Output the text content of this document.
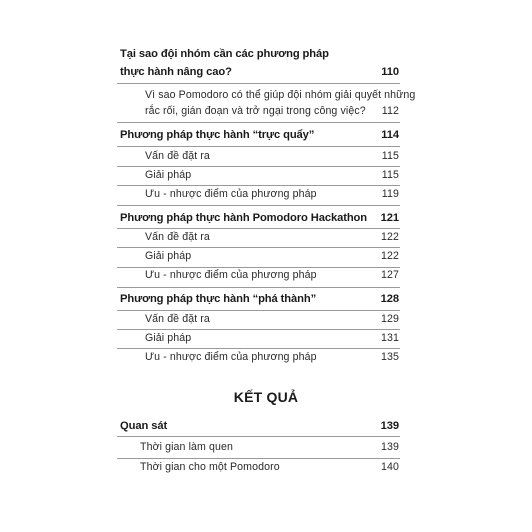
Tại sao đội nhóm cần các phương pháp
thực hành nâng cao?	110
Vì sao Pomodoro có thể giúp đội nhóm giải quyết những
rắc rối, gián đoạn và trở ngại trong công việc? 112
Phương pháp thực hành “trực quẩy”	114
Vấn đề đặt ra	115
Giải pháp	115
Ưu - nhược điểm của phương pháp	119
Phương pháp thực hành Pomodoro Hackathon 121
Vấn đề đặt ra	122
Giải pháp	122
Ưu - nhược điểm của phương pháp	127
Phương pháp thực hành “phá thành”	128
Vấn đề đặt ra	129
Giải pháp	131
Ưu - nhược điểm của phương pháp	135
KẾT QUẢ
Quan sát	139
Thời gian làm quen	139
Thời gian cho một Pomodoro	140
